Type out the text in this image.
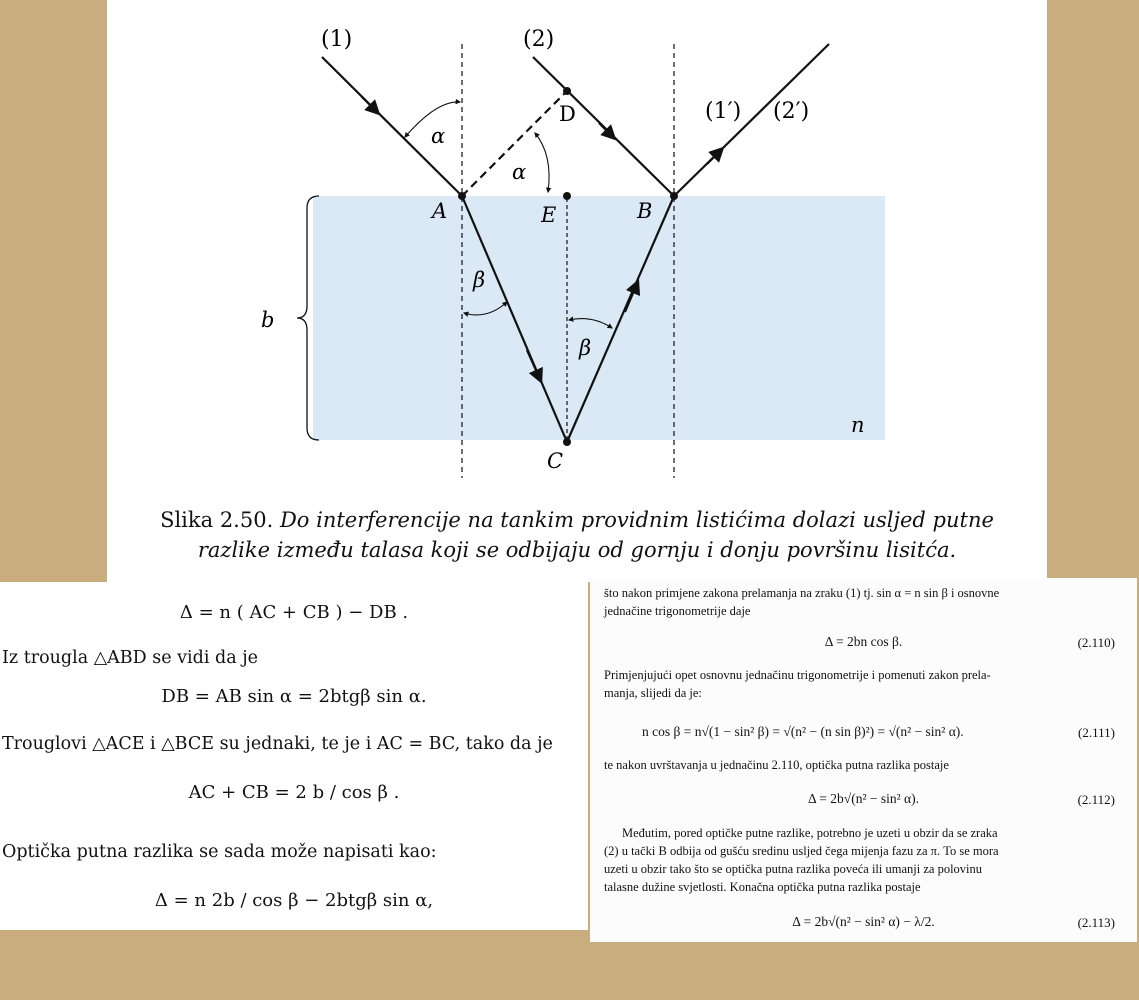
(1)	(2)
(1′) (2′)
D
α
α
A	E	B
β
β
b
n
C
Slika 2.50. Do interferencije na tankim providnim listićima dolazi usljed putne
razlike između talasa koji se odbijaju od gornju i donju površinu lisitća.
Δ = n ( AC + CB ) − DB .
Iz trougla △ABD se vidi da je
DB = AB sin α = 2btgβ sin α.
Trouglovi △ACE i △BCE su jednaki, te je i AC = BC, tako da je
AC + CB = 2 b / cos β .
Optička putna razlika se sada može napisati kao:
Δ = n 2b / cos β − 2btgβ sin α,
što nakon primjene zakona prelamanja na zraku (1) tj. sin α = n sin β i osnovne
jednačine trigonometrije daje
Δ = 2bn cos β.	(2.110)
Primjenjujući opet osnovnu jednačinu trigonometrije i pomenuti zakon prela-
manja, slijedi da je:
n cos β = n√(1 − sin² β) = √(n² − (n sin β)²) = √(n² − sin² α).	(2.111)
te nakon uvrštavanja u jednačinu 2.110, optička putna razlika postaje
Δ = 2b√(n² − sin² α).	(2.112)
Međutim, pored optičke putne razlike, potrebno je uzeti u obzir da se zraka
(2) u tački B odbija od gušću sredinu usljed čega mijenja fazu za π. To se mora
uzeti u obzir tako što se optička putna razlika poveća ili umanji za polovinu
talasne dužine svjetlosti. Konačna optička putna razlika postaje
Δ = 2b√(n² − sin² α) − λ/2.	(2.113)
